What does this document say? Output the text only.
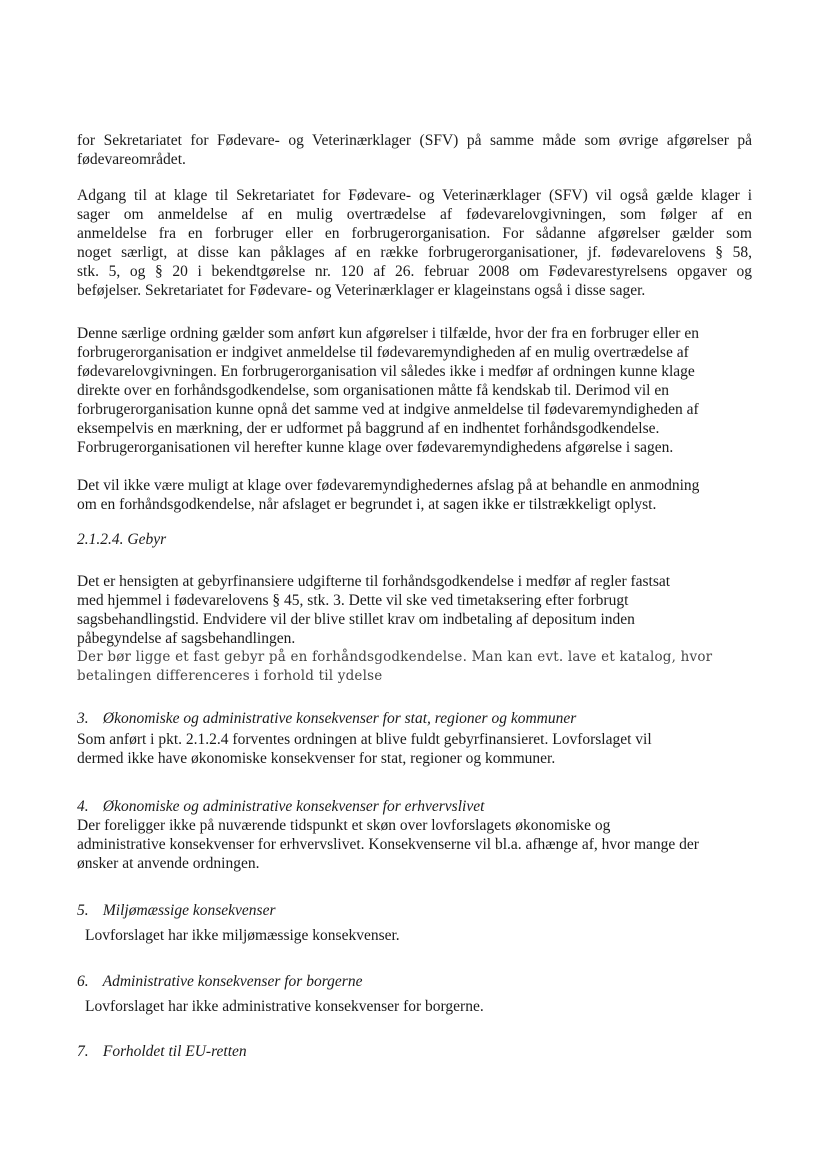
for Sekretariatet for Fødevare- og Veterinærklager (SFV) på samme måde som øvrige afgørelser på
fødevareområdet.
Adgang til at klage til Sekretariatet for Fødevare- og Veterinærklager (SFV) vil også gælde klager i
sager om anmeldelse af en mulig overtrædelse af fødevarelovgivningen, som følger af en
anmeldelse fra en forbruger eller en forbrugerorganisation. For sådanne afgørelser gælder som
noget særligt, at disse kan påklages af en række forbrugerorganisationer, jf. fødevarelovens § 58,
stk. 5, og § 20 i bekendtgørelse nr. 120 af 26. februar 2008 om Fødevarestyrelsens opgaver og
beføjelser. Sekretariatet for Fødevare- og Veterinærklager er klageinstans også i disse sager.
Denne særlige ordning gælder som anført kun afgørelser i tilfælde, hvor der fra en forbruger eller en
forbrugerorganisation er indgivet anmeldelse til fødevaremyndigheden af en mulig overtrædelse af
fødevarelovgivningen. En forbrugerorganisation vil således ikke i medfør af ordningen kunne klage
direkte over en forhåndsgodkendelse, som organisationen måtte få kendskab til. Derimod vil en
forbrugerorganisation kunne opnå det samme ved at indgive anmeldelse til fødevaremyndigheden af
eksempelvis en mærkning, der er udformet på baggrund af en indhentet forhåndsgodkendelse.
Forbrugerorganisationen vil herefter kunne klage over fødevaremyndighedens afgørelse i sagen.
Det vil ikke være muligt at klage over fødevaremyndighedernes afslag på at behandle en anmodning
om en forhåndsgodkendelse, når afslaget er begrundet i, at sagen ikke er tilstrækkeligt oplyst.
2.1.2.4. Gebyr
Det er hensigten at gebyrfinansiere udgifterne til forhåndsgodkendelse i medfør af regler fastsat
med hjemmel i fødevarelovens § 45, stk. 3. Dette vil ske ved timetaksering efter forbrugt
sagsbehandlingstid. Endvidere vil der blive stillet krav om indbetaling af depositum inden
påbegyndelse af sagsbehandlingen.
Der bør ligge et fast gebyr på en forhåndsgodkendelse. Man kan evt. lave et katalog, hvor
betalingen differenceres i forhold til ydelse
3. Økonomiske og administrative konsekvenser for stat, regioner og kommuner
Som anført i pkt. 2.1.2.4 forventes ordningen at blive fuldt gebyrfinansieret. Lovforslaget vil
dermed ikke have økonomiske konsekvenser for stat, regioner og kommuner.
4. Økonomiske og administrative konsekvenser for erhvervslivet
Der foreligger ikke på nuværende tidspunkt et skøn over lovforslagets økonomiske og
administrative konsekvenser for erhvervslivet. Konsekvenserne vil bl.a. afhænge af, hvor mange der
ønsker at anvende ordningen.
5. Miljømæssige konsekvenser
Lovforslaget har ikke miljømæssige konsekvenser.
6. Administrative konsekvenser for borgerne
Lovforslaget har ikke administrative konsekvenser for borgerne.
7. Forholdet til EU-retten
